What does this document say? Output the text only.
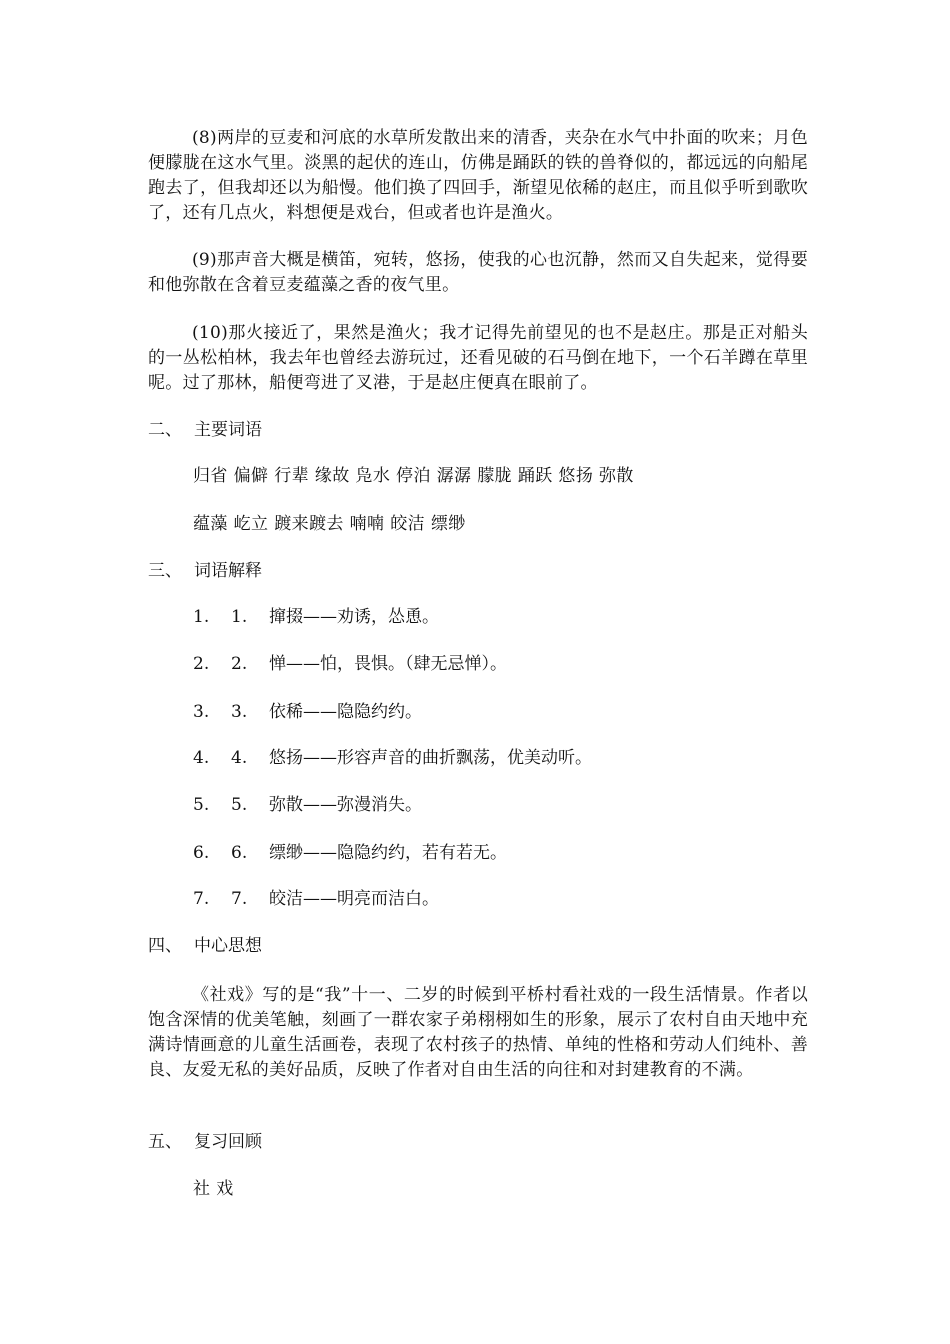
(8)两岸的豆麦和河底的水草所发散出来的清香，夹杂在水气中扑面的吹来；月色便朦胧在这水气里。淡黑的起伏的连山，仿佛是踊跃的铁的兽脊似的，都远远的向船尾跑去了，但我却还以为船慢。他们换了四回手，渐望见依稀的赵庄，而且似乎听到歌吹了，还有几点火，料想便是戏台，但或者也许是渔火。

(9)那声音大概是横笛，宛转，悠扬，使我的心也沉静，然而又自失起来，觉得要和他弥散在含着豆麦蕴藻之香的夜气里。

(10)那火接近了，果然是渔火；我才记得先前望见的也不是赵庄。那是正对船头的一丛松柏林，我去年也曾经去游玩过，还看见破的石马倒在地下，一个石羊蹲在草里呢。过了那林，船便弯进了叉港，于是赵庄便真在眼前了。

二、 主要词语

归省 偏僻 行辈 缘故 凫水 停泊 潺潺 朦胧 踊跃 悠扬 弥散

蕴藻 屹立 踱来踱去 喃喃 皎洁 缥缈

三、 词语解释

1. 1. 撺掇——劝诱，怂恿。

2. 2. 惮——怕，畏惧。（肆无忌惮）。

3. 3. 依稀——隐隐约约。

4. 4. 悠扬——形容声音的曲折飘荡，优美动听。

5. 5. 弥散——弥漫消失。

6. 6. 缥缈——隐隐约约，若有若无。

7. 7. 皎洁——明亮而洁白。

四、 中心思想

《社戏》写的是“我”十一、二岁的时候到平桥村看社戏的一段生活情景。作者以饱含深情的优美笔触，刻画了一群农家子弟栩栩如生的形象，展示了农村自由天地中充满诗情画意的儿童生活画卷，表现了农村孩子的热情、单纯的性格和劳动人们纯朴、善良、友爱无私的美好品质，反映了作者对自由生活的向往和对封建教育的不满。

五、 复习回顾

社 戏
